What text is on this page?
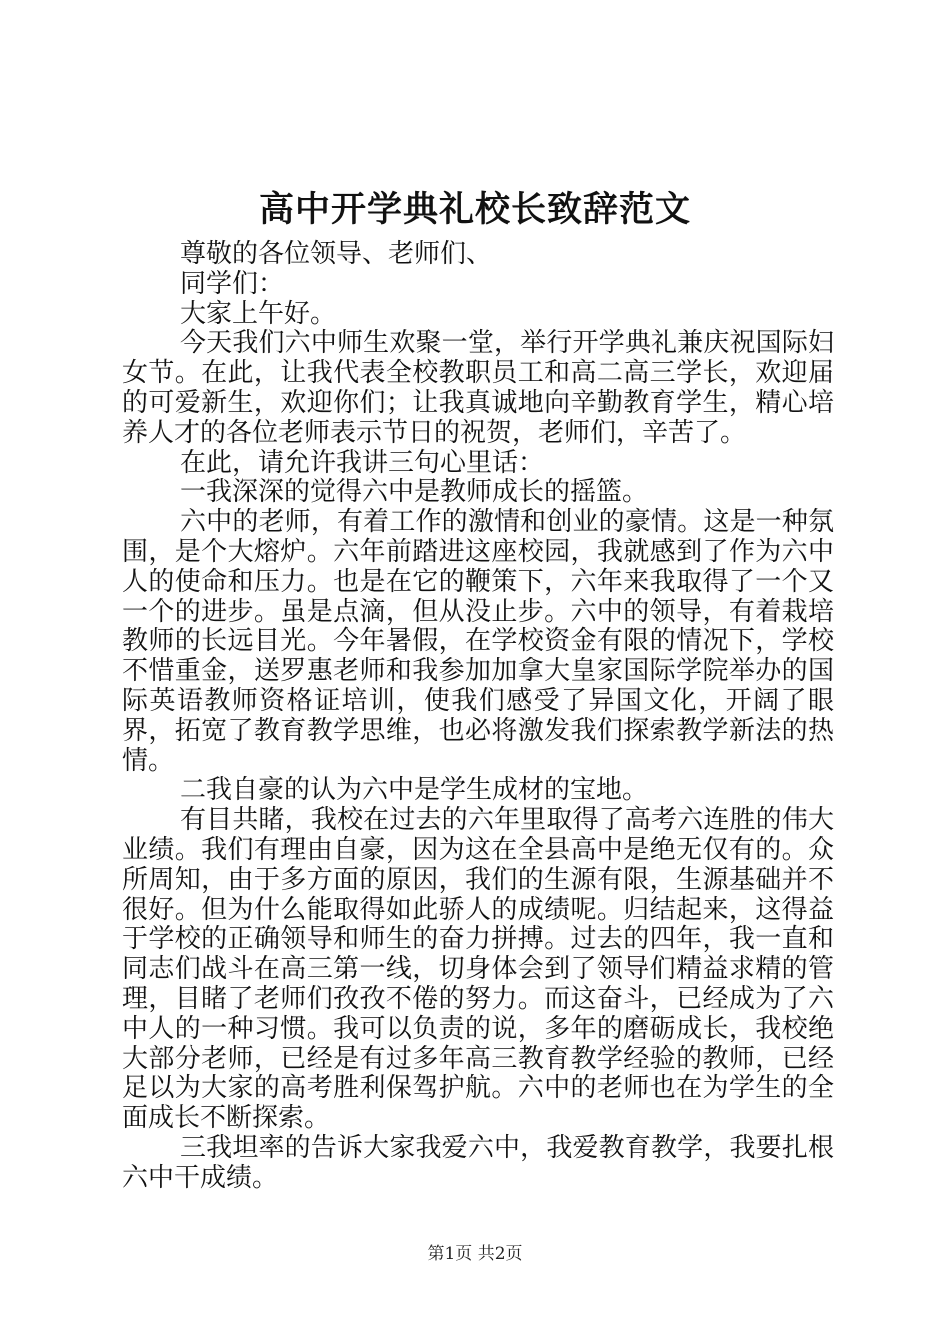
高中开学典礼校长致辞范文

尊敬的各位领导、老师们、

同学们：

大家上午好。

今天我们六中师生欢聚一堂，举行开学典礼兼庆祝国际妇女节。在此，让我代表全校教职员工和高二高三学长，欢迎届的可爱新生，欢迎你们；让我真诚地向辛勤教育学生，精心培养人才的各位老师表示节日的祝贺，老师们，辛苦了。

在此，请允许我讲三句心里话：

一我深深的觉得六中是教师成长的摇篮。

六中的老师，有着工作的激情和创业的豪情。这是一种氛围，是个大熔炉。六年前踏进这座校园，我就感到了作为六中人的使命和压力。也是在它的鞭策下，六年来我取得了一个又一个的进步。虽是点滴，但从没止步。六中的领导，有着栽培教师的长远目光。今年暑假，在学校资金有限的情况下，学校不惜重金，送罗惠老师和我参加加拿大皇家国际学院举办的国际英语教师资格证培训，使我们感受了异国文化，开阔了眼界，拓宽了教育教学思维，也必将激发我们探索教学新法的热情。

二我自豪的认为六中是学生成材的宝地。

有目共睹，我校在过去的六年里取得了高考六连胜的伟大业绩。我们有理由自豪，因为这在全县高中是绝无仅有的。众所周知，由于多方面的原因，我们的生源有限，生源基础并不很好。但为什么能取得如此骄人的成绩呢。归结起来，这得益于学校的正确领导和师生的奋力拼搏。过去的四年，我一直和同志们战斗在高三第一线，切身体会到了领导们精益求精的管理，目睹了老师们孜孜不倦的努力。而这奋斗，已经成为了六中人的一种习惯。我可以负责的说，多年的磨砺成长，我校绝大部分老师，已经是有过多年高三教育教学经验的教师，已经足以为大家的高考胜利保驾护航。六中的老师也在为学生的全面成长不断探索。

三我坦率的告诉大家我爱六中，我爱教育教学，我要扎根六中干成绩。

第1页 共2页
